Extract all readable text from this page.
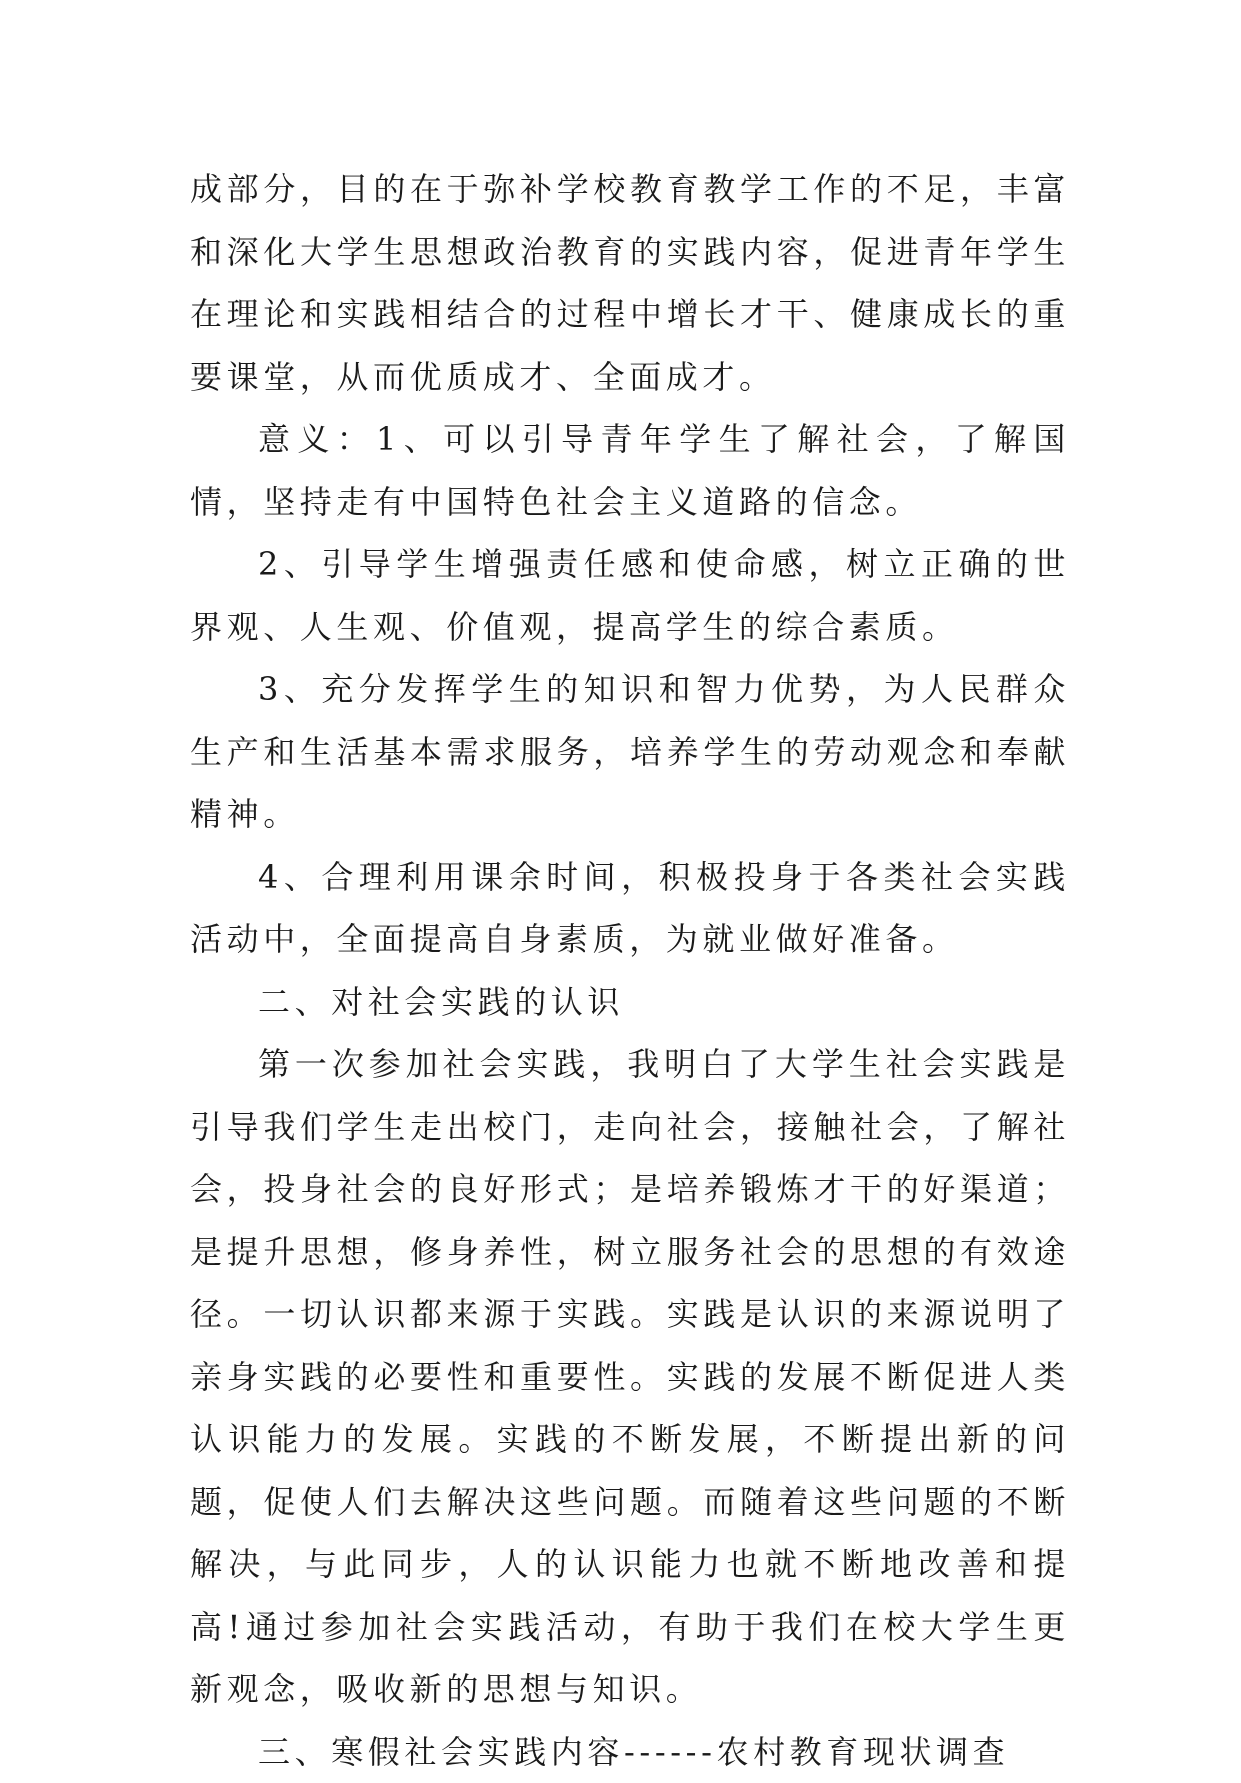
成部分，目的在于弥补学校教育教学工作的不足，丰富和深化大学生思想政治教育的实践内容，促进青年学生在理论和实践相结合的过程中增长才干、健康成长的重要课堂，从而优质成才、全面成才。

意义：1、可以引导青年学生了解社会，了解国情，坚持走有中国特色社会主义道路的信念。

2、引导学生增强责任感和使命感，树立正确的世界观、人生观、价值观，提高学生的综合素质。

3、充分发挥学生的知识和智力优势，为人民群众生产和生活基本需求服务，培养学生的劳动观念和奉献精神。

4、合理利用课余时间，积极投身于各类社会实践活动中，全面提高自身素质，为就业做好准备。

二、对社会实践的认识

第一次参加社会实践，我明白了大学生社会实践是引导我们学生走出校门，走向社会，接触社会，了解社会，投身社会的良好形式；是培养锻炼才干的好渠道；是提升思想，修身养性，树立服务社会的思想的有效途径。一切认识都来源于实践。实践是认识的来源说明了亲身实践的必要性和重要性。实践的发展不断促进人类认识能力的发展。实践的不断发展，不断提出新的问题，促使人们去解决这些问题。而随着这些问题的不断解决，与此同步，人的认识能力也就不断地改善和提高!通过参加社会实践活动，有助于我们在校大学生更新观念，吸收新的思想与知识。

三、寒假社会实践内容------农村教育现状调查
